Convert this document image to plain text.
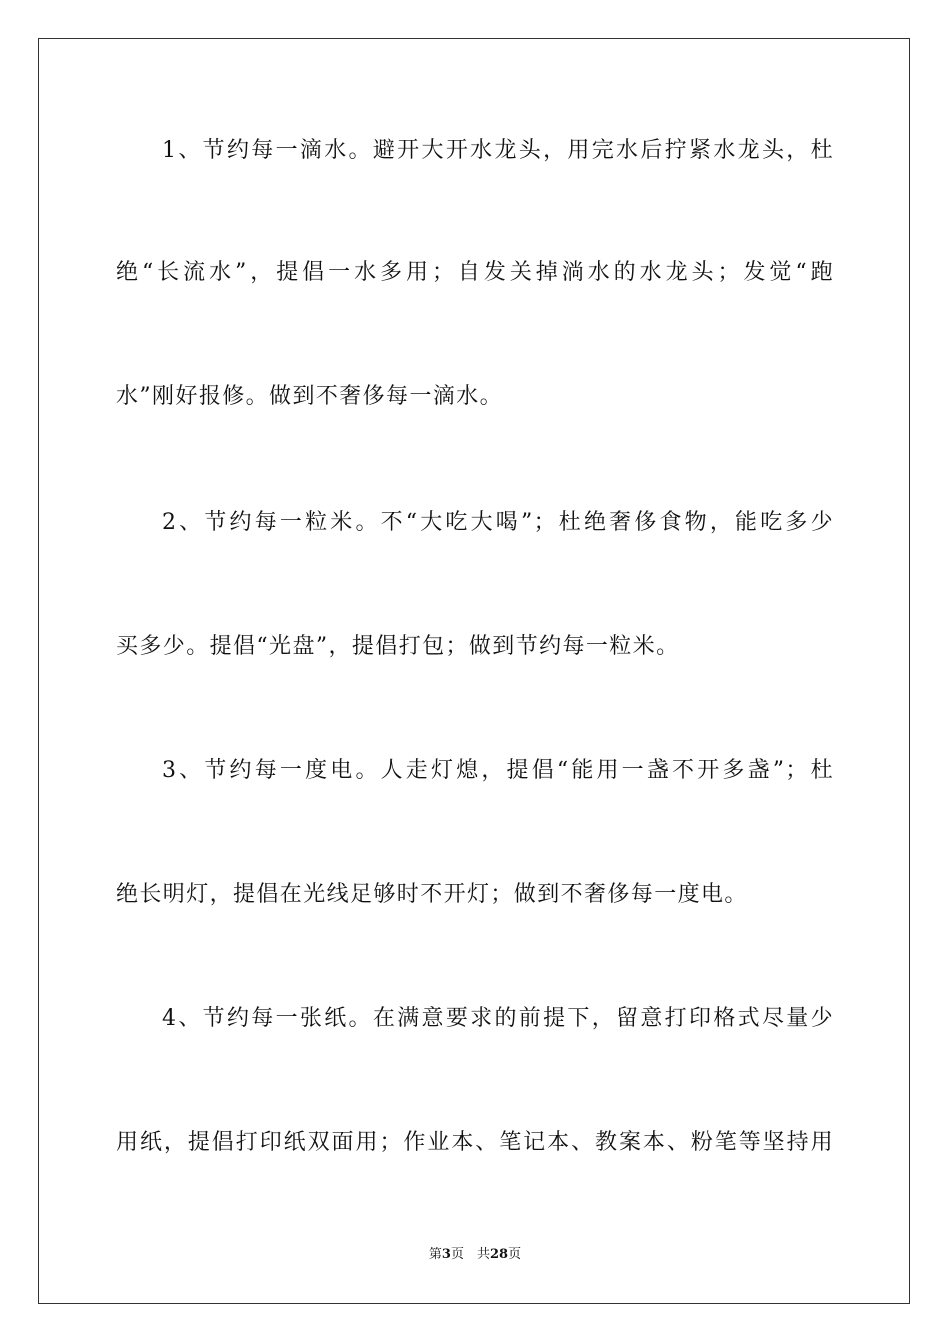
1、节约每一滴水。避开大开水龙头，用完水后拧紧水龙头，杜
绝“长流水”，提倡一水多用；自发关掉淌水的水龙头；发觉“跑
水”刚好报修。做到不奢侈每一滴水。
2、节约每一粒米。不“大吃大喝”；杜绝奢侈食物，能吃多少
买多少。提倡“光盘”，提倡打包；做到节约每一粒米。
3、节约每一度电。人走灯熄，提倡“能用一盏不开多盏”；杜
绝长明灯，提倡在光线足够时不开灯；做到不奢侈每一度电。
4、节约每一张纸。在满意要求的前提下，留意打印格式尽量少
用纸，提倡打印纸双面用；作业本、笔记本、教案本、粉笔等坚持用
第3页　共28页
